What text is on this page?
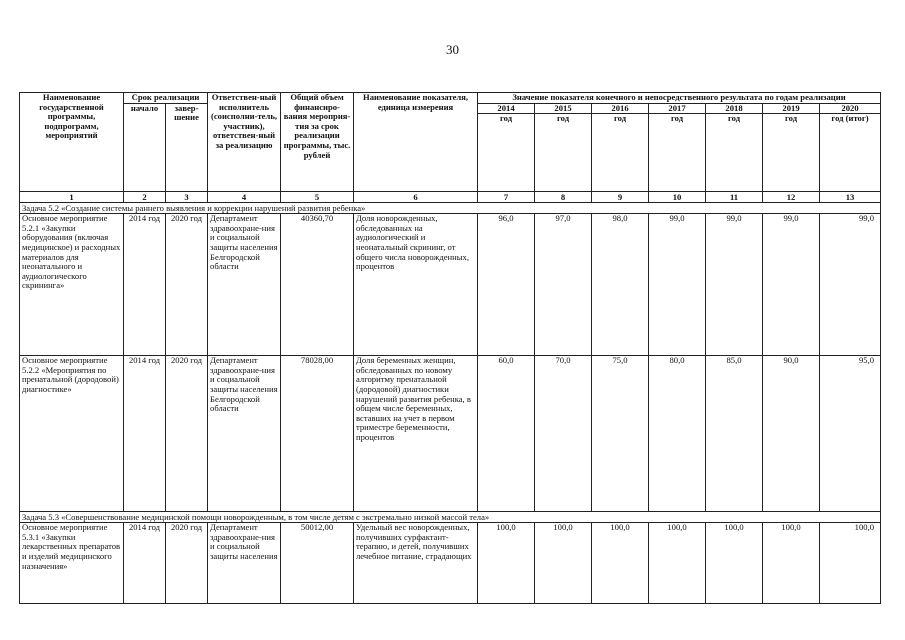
30
Наименование государственной программы, подпрограмм, мероприятий	Срок реализации		Ответствен-ный исполнитель (соисполни-тель, участник), ответствен-ный за реализацию	Общий объем финансиро-вания мероприя-тия за срок реализации программы, тыс. рублей	Наименование показателя, единица измерения	Значение показателя конечного и непосредственного результата по годам реализации						
	начало	завер-шение				2014	2015	2016	2017	2018	2019	2020
						год	год	год	год	год	год	год (итог)
1	2	3	4	5	6	7	8	9	10	11	12	13
Задача 5.2 «Создание системы раннего выявления и коррекции нарушений развития ребенка»												
Основное мероприятие 5.2.1 «Закупки оборудования (включая медицинское) и расходных материалов для неонатального и аудиологического скрининга»	2014 год	2020 год	Департамент здравоохране-ния и социальной защиты населения Белгородской области	40360,70	Доля новорожденных, обследованных на аудиологический и неонатальный скрининг, от общего числа новорожденных, процентов	96,0	97,0	98,0	99,0	99,0	99,0	99,0
Основное мероприятие 5.2.2 «Мероприятия по пренатальной (дородовой) диагностике»	2014 год	2020 год	Департамент здравоохране-ния и социальной защиты населения Белгородской области	78028,00	Доля беременных женщин, обследованных по новому алгоритму пренатальной (дородовой) диагностики нарушений развития ребенка, в общем числе беременных, вставших на учет в первом триместре беременности, процентов	60,0	70,0	75,0	80,0	85,0	90,0	95,0
Задача 5.3 «Совершенствование медицинской помощи новорожденным, в том числе детям с экстремально низкой массой тела»												
Основное мероприятие 5.3.1 «Закупки лекарственных препаратов и изделий медицинского назначения»	2014 год	2020 год	Департамент здравоохране-ния и социальной защиты населения	50012,00	Удельный вес новорожденных, получивших сурфактант-терапию, и детей, получивших лечебное питание, страдающих	100,0	100,0	100,0	100,0	100,0	100,0	100,0
